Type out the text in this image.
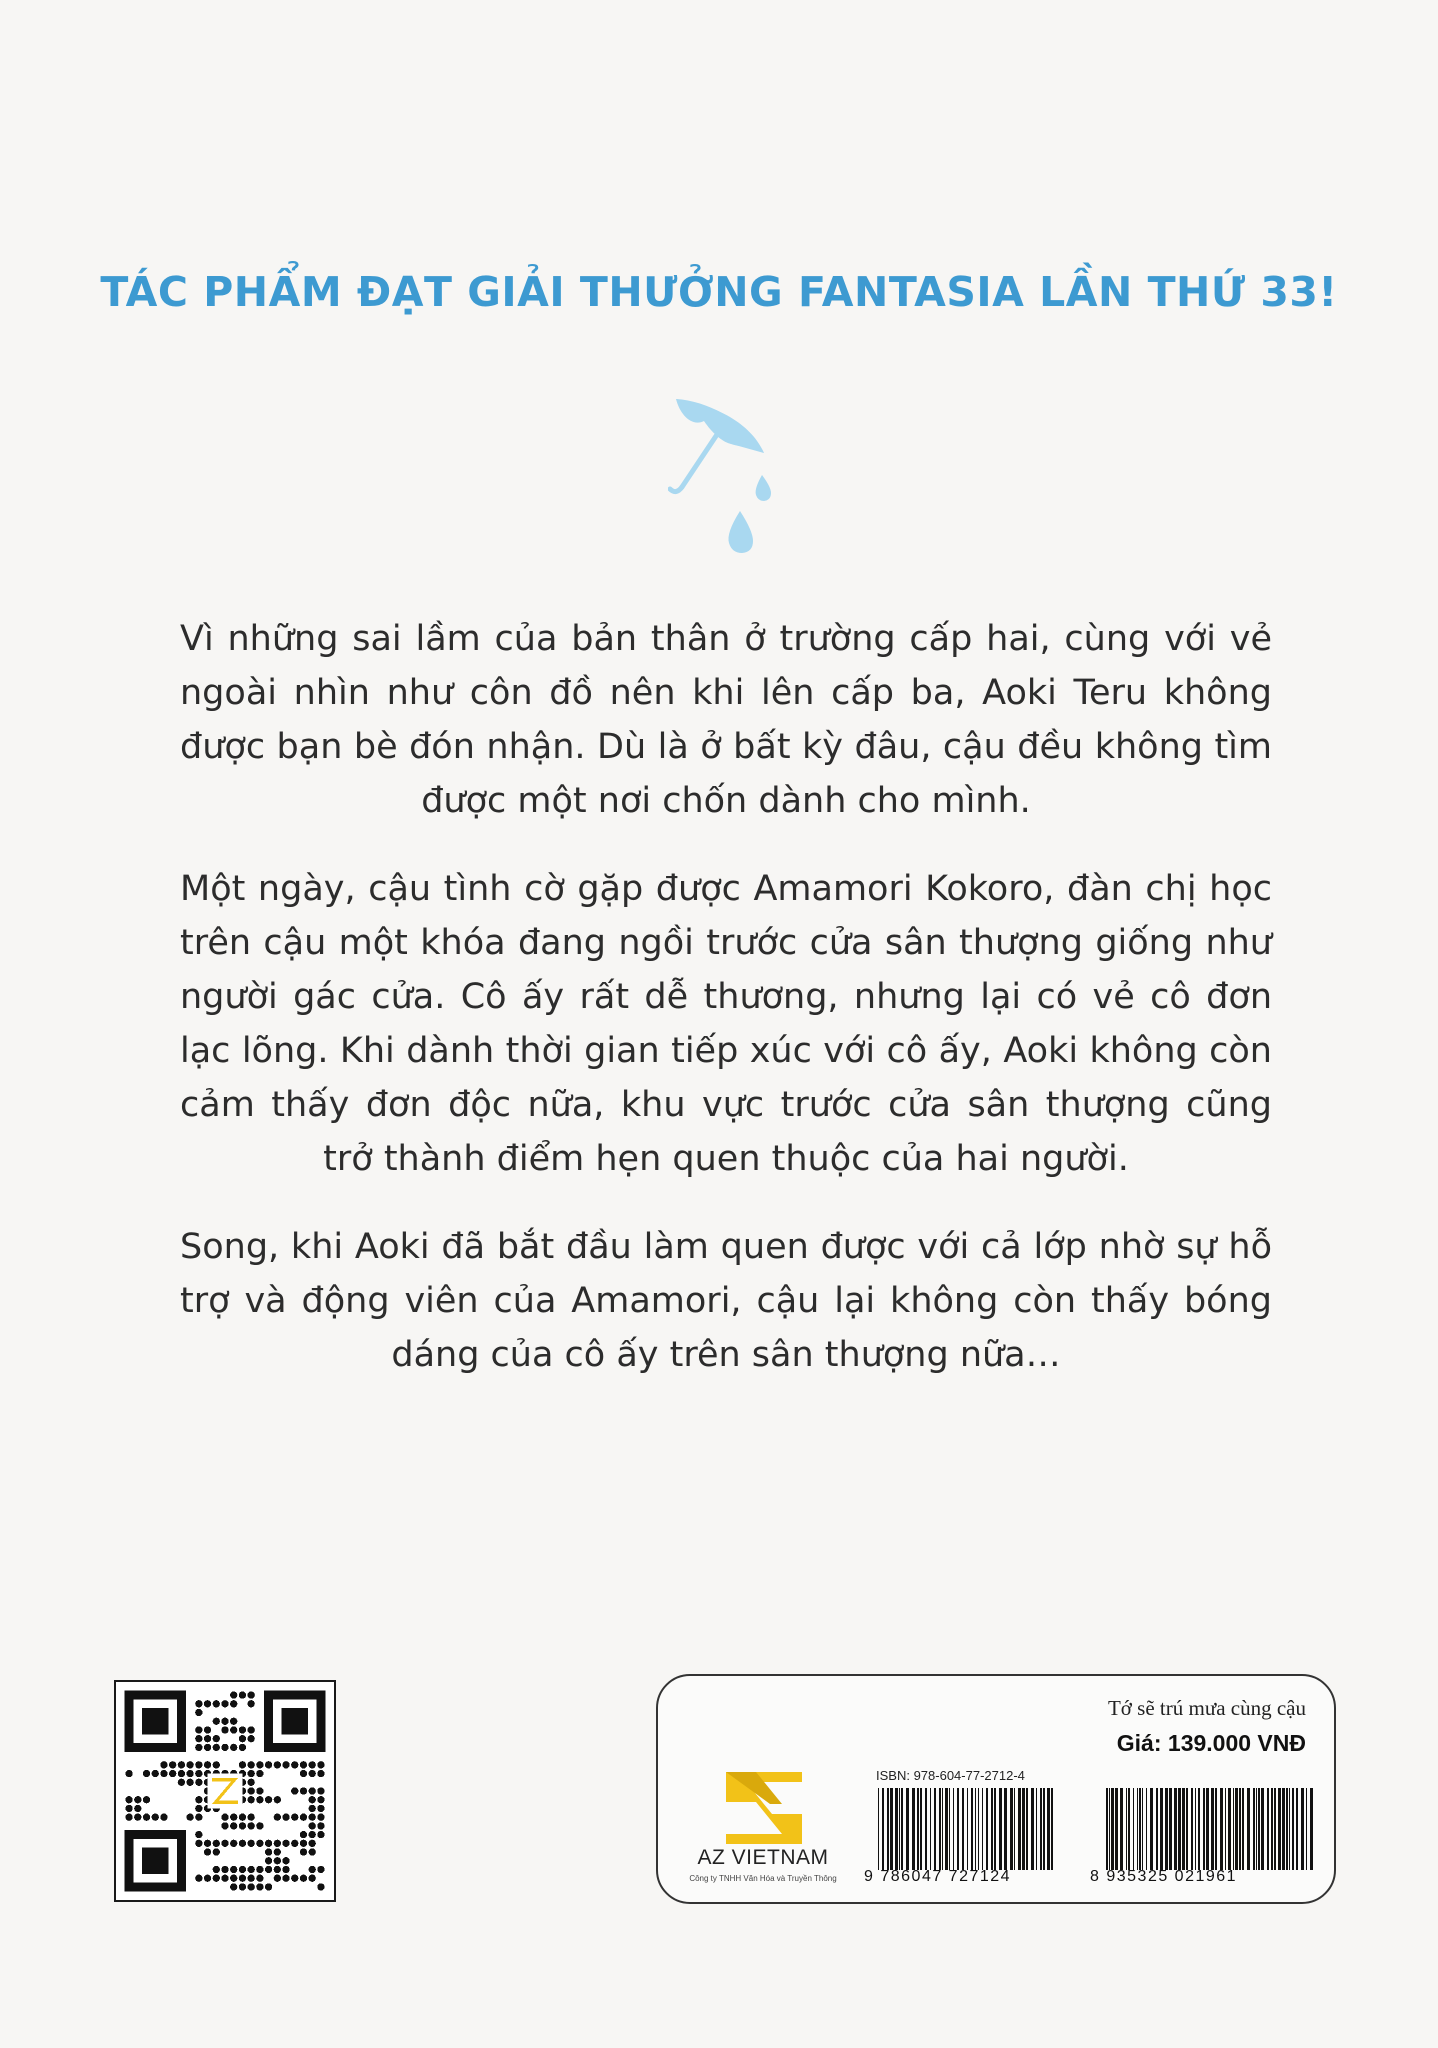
TÁC PHẨM ĐẠT GIẢI THƯỞNG FANTASIA LẦN THỨ 33!
Vì những sai lầm của bản thân ở trường cấp hai, cùng với vẻ ngoài nhìn như côn đồ nên khi lên cấp ba, Aoki Teru không được bạn bè đón nhận. Dù là ở bất kỳ đâu, cậu đều không tìm được một nơi chốn dành cho mình.
Một ngày, cậu tình cờ gặp được Amamori Kokoro, đàn chị học trên cậu một khóa đang ngồi trước cửa sân thượng giống như người gác cửa. Cô ấy rất dễ thương, nhưng lại có vẻ cô đơn lạc lõng. Khi dành thời gian tiếp xúc với cô ấy, Aoki không còn cảm thấy đơn độc nữa, khu vực trước cửa sân thượng cũng trở thành điểm hẹn quen thuộc của hai người.
Song, khi Aoki đã bắt đầu làm quen được với cả lớp nhờ sự hỗ trợ và động viên của Amamori, cậu lại không còn thấy bóng dáng của cô ấy trên sân thượng nữa…
Tớ sẽ trú mưa cùng cậu
Giá: 139.000 VNĐ
AZ VIETNAM
Công ty TNHH Văn Hóa và Truyền Thông
ISBN: 978-604-77-2712-4
9 786047 727124	8 935325 021961
